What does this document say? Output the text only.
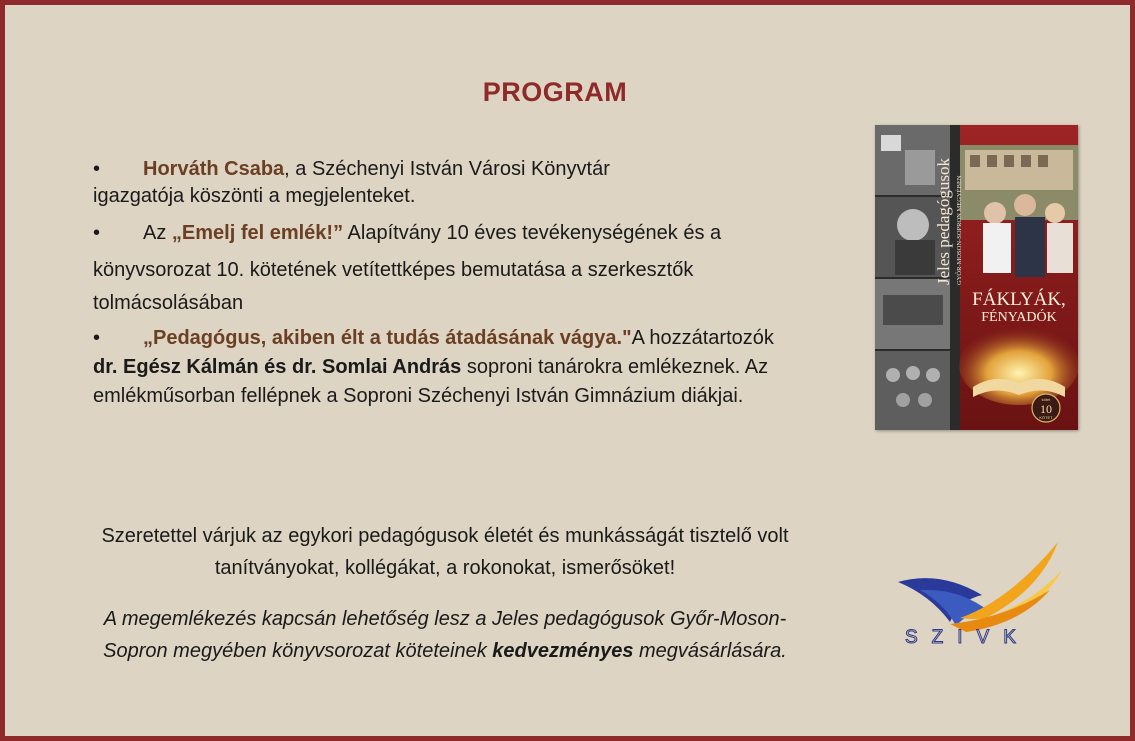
PROGRAM
• Horváth Csaba, a Széchenyi István Városi Könyvtár
igazgatója köszönti a megjelenteket.
• Az „Emelj fel emlék!” Alapítvány 10 éves tevékenységének és a
könyvsorozat 10. kötetének vetítettképes bemutatása a szerkesztők
tolmácsolásában
• „Pedagógus, akiben élt a tudás átadásának vágya."A hozzátartozók
dr. Egész Kálmán és dr. Somlai András soproni tanárokra emlékeznek. Az
emlékműsorban fellépnek a Soproni Széchenyi István Gimnázium diákjai.
Jeles pedagógusok GYŐR-MOSON-SOPRON MEGYÉBEN
FÁKLYÁK,
FÉNYADÓK
kötet
10
KÖTET
Szeretettel várjuk az egykori pedagógusok életét és munkásságát tisztelő volt
tanítványokat, kollégákat, a rokonokat, ismerősöket!
A megemlékezés kapcsán lehetőség lesz a Jeles pedagógusok Győr-Moson-
Sopron megyében könyvsorozat köteteinek kedvezményes megvásárlására.
SZIVK
